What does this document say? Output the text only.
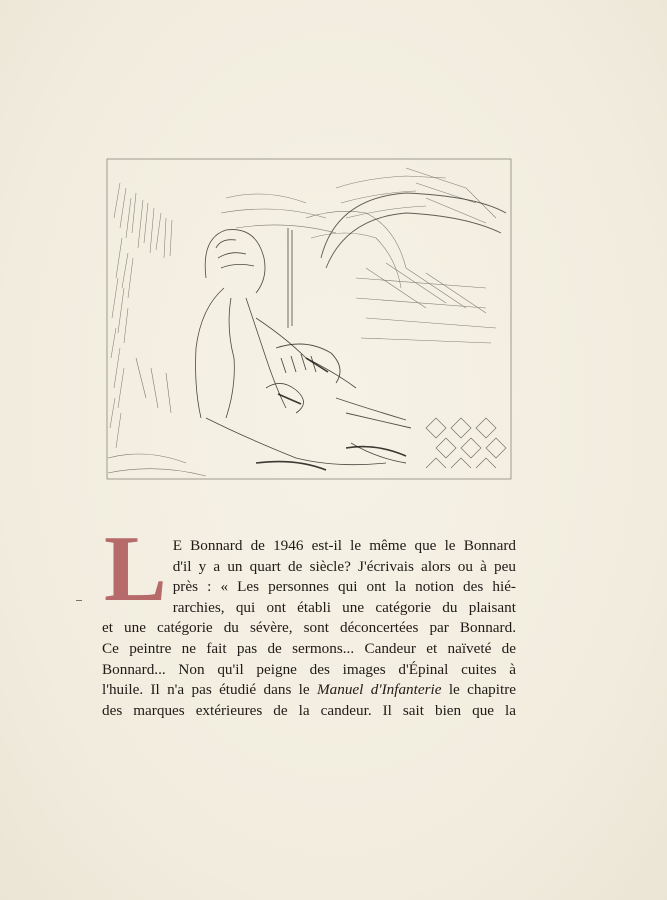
L E Bonnard de 1946 est-il le même que le Bonnard
d'il y a un quart de siècle? J'écrivais alors ou à peu
près : « Les personnes qui ont la notion des hié-
rarchies, qui ont établi une catégorie du plaisant
et une catégorie du sévère, sont déconcertées par Bonnard.
Ce peintre ne fait pas de sermons... Candeur et naïveté de
Bonnard... Non qu'il peigne des images d'Épinal cuites à
l'huile. Il n'a pas étudié dans le Manuel d'Infanterie le chapitre
des marques extérieures de la candeur. Il sait bien que la
